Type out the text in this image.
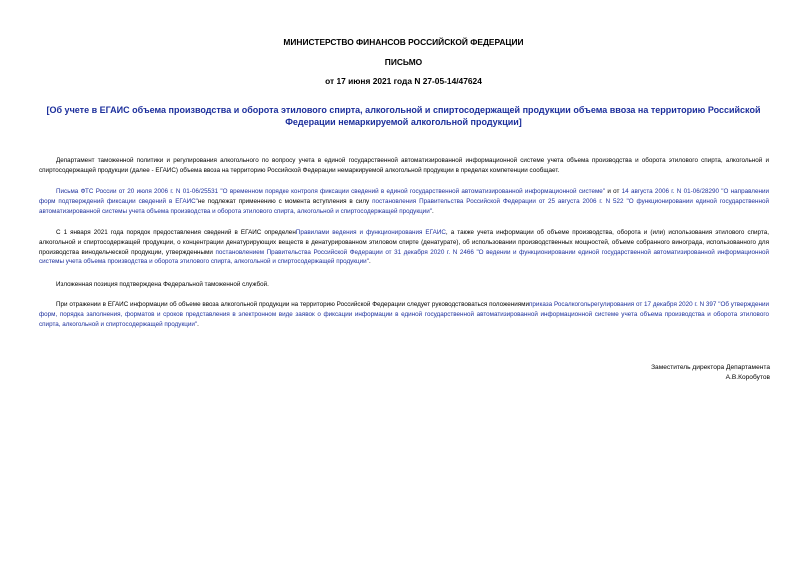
МИНИСТЕРСТВО ФИНАНСОВ РОССИЙСКОЙ ФЕДЕРАЦИИ
ПИСЬМО
от 17 июня 2021 года N 27-05-14/47624
[Об учете в ЕГАИС объема производства и оборота этилового спирта, алкогольной и спиртосодержащей продукции объема ввоза на территорию Российской Федерации немаркируемой алкогольной продукции]
Департамент таможенной политики и регулирования алкогольного по вопросу учета в единой государственной автоматизированной информационной системе учета объема производства и оборота этилового спирта, алкогольной и спиртосодержащей продукции (далее - ЕГАИС) объема ввоза на территорию Российской Федерации немаркируемой алкогольной продукции в пределах компетенции сообщает.
Письма ФТС России от 20 июля 2006 г. N 01-06/25531 "О временном порядке контроля фиксации сведений в единой государственной автоматизированной информационной системе" и от 14 августа 2006 г. N 01-06/28290 "О направлении форм подтверждений фиксации сведений в ЕГАИС"не подлежат применению с момента вступления в силу постановления Правительства Российской Федерации от 25 августа 2006 г. N 522 "О функционировании единой государственной автоматизированной системы учета объема производства и оборота этилового спирта, алкогольной и спиртосодержащей продукции".
С 1 января 2021 года порядок предоставления сведений в ЕГАИС определенПравилами ведения и функционирования ЕГАИС, а также учета информации об объеме производства, оборота и (или) использования этилового спирта, алкогольной и спиртосодержащей продукции, о концентрации денатурирующих веществ в денатурированном этиловом спирте (денатурате), об использовании производственных мощностей, объеме собранного винограда, использованного для производства винодельческой продукции, утвержденными постановлением Правительства Российской Федерации от 31 декабря 2020 г. N 2466 "О ведении и функционировании единой государственной автоматизированной информационной системы учета объема производства и оборота этилового спирта, алкогольной и спиртосодержащей продукции".
Изложенная позиция подтверждена Федеральной таможенной службой.
При отражении в ЕГАИС информации об объеме ввоза алкогольной продукции на территорию Российской Федерации следует руководствоваться положениямиприказа Росалкогольрегулирования от 17 декабря 2020 г. N 397 "Об утверждении форм, порядка заполнения, форматов и сроков представления в электронном виде заявок о фиксации информации в единой государственной автоматизированной информационной системе учета объема производства и оборота этилового спирта, алкогольной и спиртосодержащей продукции".
Заместитель директора Департамента
А.В.Коробутов
